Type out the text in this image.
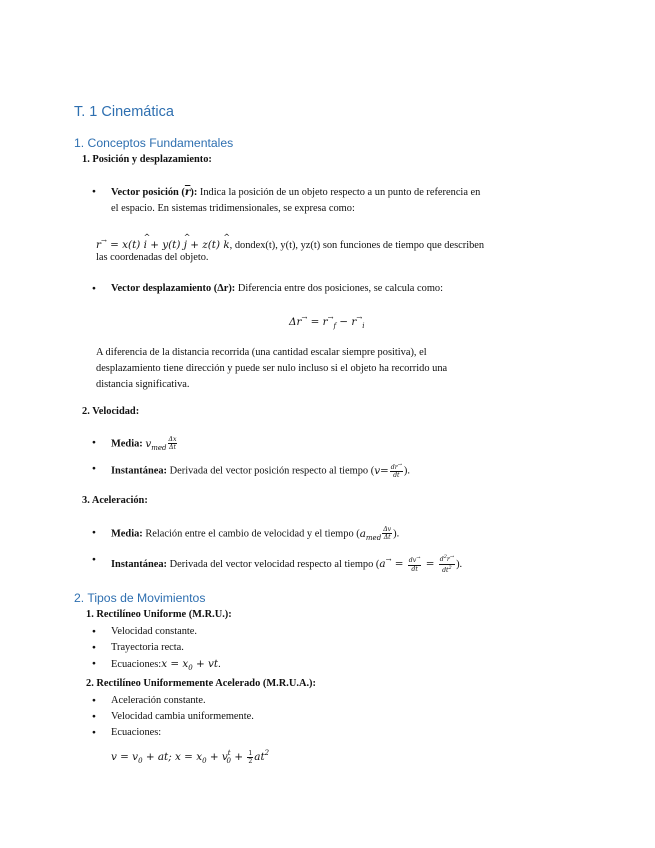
T. 1 Cinemática
1. Conceptos Fundamentales
1. Posición y desplazamiento:
● Vector posición $(\overline{r})$: Indica la posición de un objeto respecto a un punto de referencia en
el espacio. En sistemas tridimensionales, se expresa como:
r→ = x(t) ^ i + y(t) ^ j + z(t) ^ k, dondex(t), y(t), yz(t) son funciones de tiempo que describen
las coordenadas del objeto.
● Vector desplazamiento (Δr): Diferencia entre dos posiciones, se calcula como:
$\Delta r^\to = r^\to_f - r^\to_i$
A diferencia de la distancia recorrida (una cantidad escalar siempre positiva), el
desplazamiento tiene dirección y puede ser nulo incluso si el objeto ha recorrido una
distancia significativa.
2. Velocidad:
● Media: $v_{med} \frac{\Delta x}{\Delta t}$
● Instantánea: Derivada del vector posición respecto al tiempo ($v= \frac{dr^\to}{dt}$ ).
3. Aceleración:
● Media: Relación entre el cambio de velocidad y el tiempo ($a_{med} \frac{\Delta v}{\Delta t}$ ).
● Instantánea: Derivada del vector velocidad respecto al tiempo ($a^\to = \frac{dv^\to}{dt} = \frac{d^2r^\to}{dt^2}$ ).
2. Tipos de Movimientos
1. Rectilíneo Uniforme (M.R.U.):
● Velocidad constante.
● Trayectoria recta.
● Ecuaciones:x = $x_0$ + vt.
2. Rectilíneo Uniformemente Acelerado (M.R.U.A.):
● Aceleración constante.
● Velocidad cambia uniformemente.
● Ecuaciones:
$v = v_0$ + at; $x = x_0 + v^t_0 + \frac{1}{2} at^2$
